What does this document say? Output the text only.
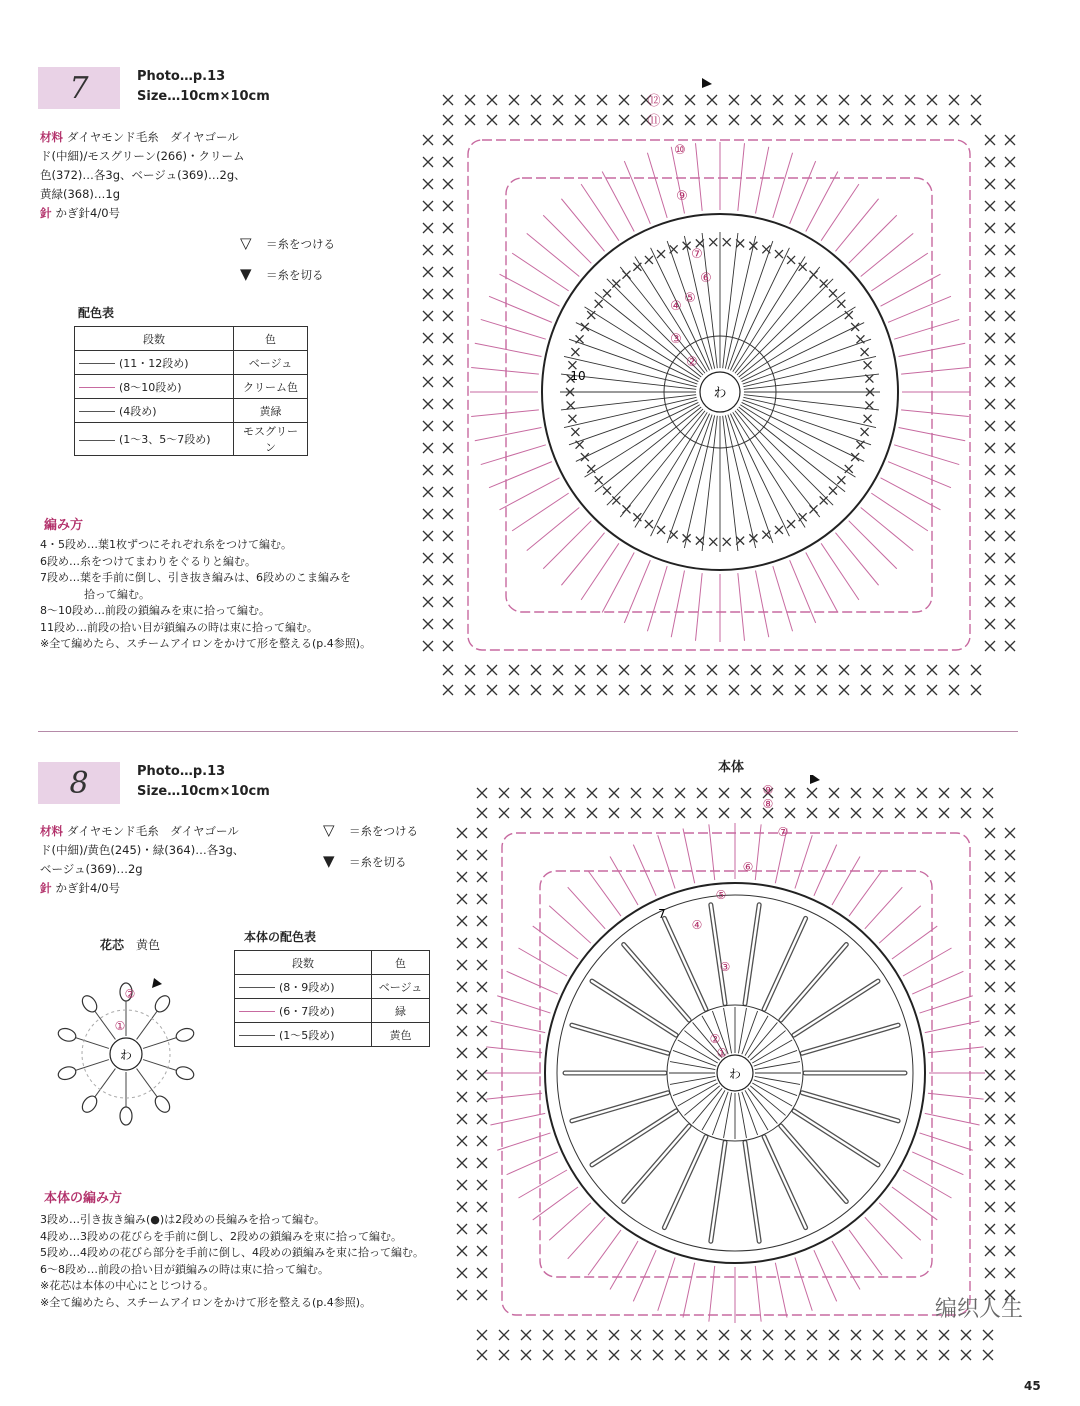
7	Photo…p.13
Size…10cm×10cm
材料 ダイヤモンド毛糸　ダイヤゴール
ド(中細)/モスグリーン(266)・クリーム
色(372)…各3g、ベージュ(369)…2g、
黄緑(368)…1g
針 かぎ針4/0号
▽ ＝糸をつける
▼ ＝糸を切る
配色表
段数	色
(11・12段め)	ベージュ
(8〜10段め)	クリーム色
(4段め)	黄緑
(1〜3、5〜7段め)	モスグリーン
編み方
4・5段め…葉1枚ずつにそれぞれ糸をつけて編む。
6段め…糸をつけてまわりをぐるりと編む。
7段め…葉を手前に倒し、引き抜き編みは、6段めのこま編みを
　　　　拾って編む。
8〜10段め…前段の鎖編みを束に拾って編む。
11段め…前段の拾い目が鎖編みの時は束に拾って編む。
※全て編めたら、スチームアイロンをかけて形を整える(p.4参照)。
わ
②
③
④
⑤
⑥
⑦
⑨
⑩
⑪
⑫
10
8	Photo…p.13
Size…10cm×10cm
材料 ダイヤモンド毛糸　ダイヤゴール
ド(中細)/黄色(245)・緑(364)…各3g、
ベージュ(369)…2g
針 かぎ針4/0号
▽ ＝糸をつける
▼ ＝糸を切る
花芯　 黄色
わ
①
②
本体の配色表
段数	色
(8・9段め)	ベージュ
(6・7段め)	緑
(1〜5段め)	黄色
本体の編み方
3段め…引き抜き編み(●)は2段めの長編みを拾って編む。
4段め…3段めの花びらを手前に倒し、2段めの鎖編みを束に拾って編む。
5段め…4段めの花びら部分を手前に倒し、4段めの鎖編みを束に拾って編む。
6〜8段め…前段の拾い目が鎖編みの時は束に拾って編む。
※花芯は本体の中心にとじつける。
※全て編めたら、スチームアイロンをかけて形を整える(p.4参照)。
本体
わ
①
②
③
④
⑤
⑥
⑦
⑧
⑨
7
编织人生
45
